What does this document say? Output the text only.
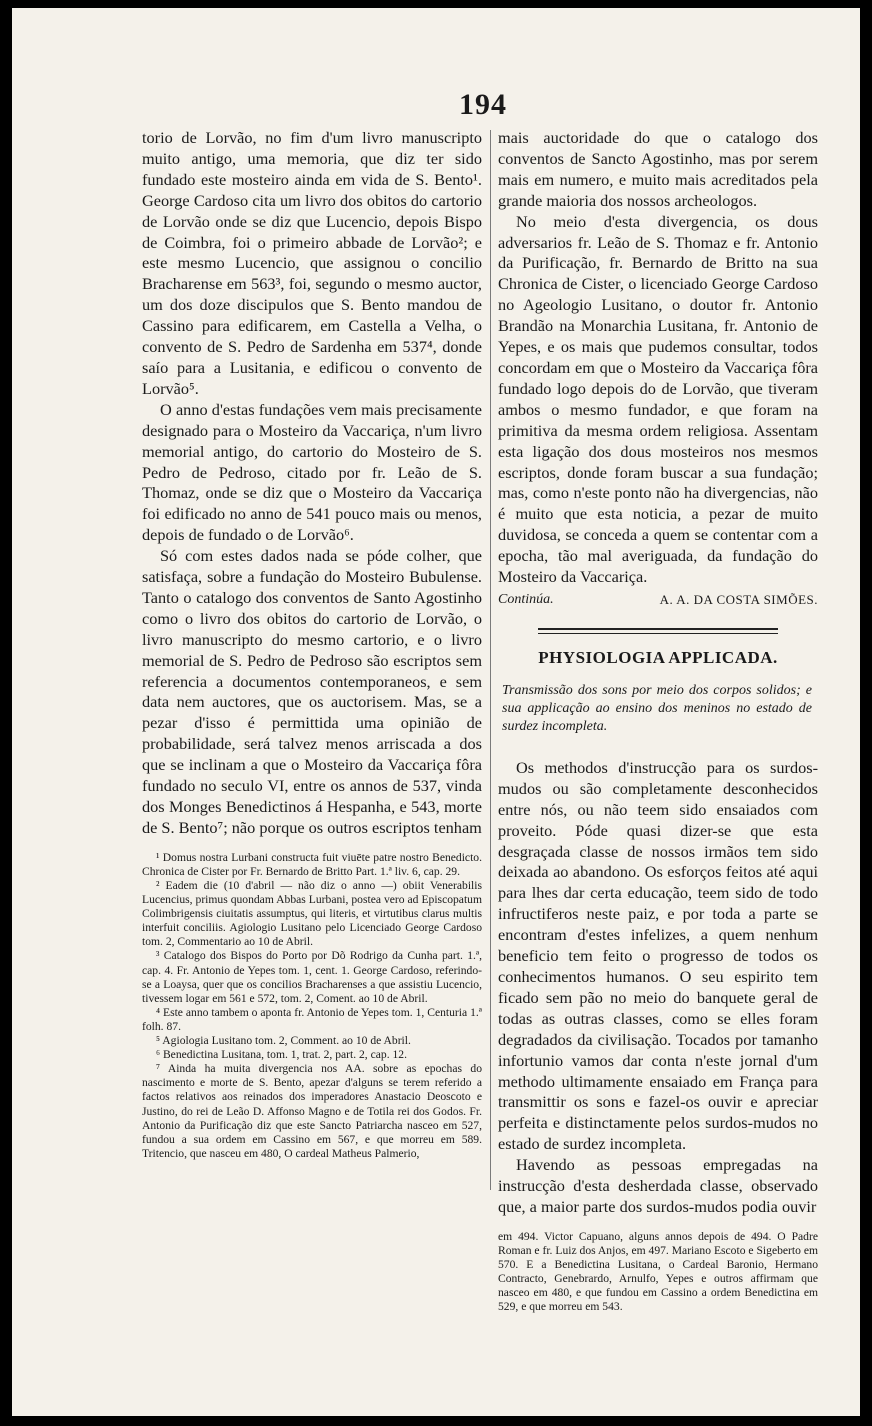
194

torio de Lorvão, no fim d'um livro manuscripto muito antigo, uma memoria, que diz ter sido fundado este mosteiro ainda em vida de S. Bento¹. George Cardoso cita um livro dos obitos do cartorio de Lorvão onde se diz que Lucencio, depois Bispo de Coimbra, foi o primeiro abbade de Lorvão²; e este mesmo Lucencio, que assignou o concilio Bracharense em 563³, foi, segundo o mesmo auctor, um dos doze discipulos que S. Bento mandou de Cassino para edificarem, em Castella a Velha, o convento de S. Pedro de Sardenha em 537⁴, donde saío para a Lusitania, e edificou o convento de Lorvão⁵.

O anno d'estas fundações vem mais precisamente designado para o Mosteiro da Vaccariça, n'um livro memorial antigo, do cartorio do Mosteiro de S. Pedro de Pedroso, citado por fr. Leão de S. Thomaz, onde se diz que o Mosteiro da Vaccariça foi edificado no anno de 541 pouco mais ou menos, depois de fundado o de Lorvão⁶.

Só com estes dados nada se póde colher, que satisfaça, sobre a fundação do Mosteiro Bubulense. Tanto o catalogo dos conventos de Santo Agostinho como o livro dos obitos do cartorio de Lorvão, o livro manuscripto do mesmo cartorio, e o livro memorial de S. Pedro de Pedroso são escriptos sem referencia a documentos contemporaneos, e sem data nem auctores, que os auctorisem. Mas, se a pezar d'isso é permittida uma opinião de probabilidade, será talvez menos arriscada a dos que se inclinam a que o Mosteiro da Vaccariça fôra fundado no seculo VI, entre os annos de 537, vinda dos Monges Benedictinos á Hespanha, e 543, morte de S. Bento⁷; não porque os outros escriptos tenham

¹ Domus nostra Lurbani constructa fuit viuēte patre nostro Benedicto. Chronica de Cister por Fr. Bernardo de Britto Part. 1.ª liv. 6, cap. 29.

² Eadem die (10 d'abril — não diz o anno —) obiit Venerabilis Lucencius, primus quondam Abbas Lurbani, postea vero ad Episcopatum Colimbrigensis ciuitatis assumptus, qui literis, et virtutibus clarus multis interfuit conciliis. Agiologio Lusitano pelo Licenciado George Cardoso tom. 2, Commentario ao 10 de Abril.

³ Catalogo dos Bispos do Porto por Dõ Rodrigo da Cunha part. 1.ª, cap. 4. Fr. Antonio de Yepes tom. 1, cent. 1. George Cardoso, referindo-se a Loaysa, quer que os concilios Bracharenses a que assistiu Lucencio, tivessem logar em 561 e 572, tom. 2, Coment. ao 10 de Abril.

⁴ Este anno tambem o aponta fr. Antonio de Yepes tom. 1, Centuria 1.ª folh. 87.

⁵ Agiologia Lusitano tom. 2, Comment. ao 10 de Abril.

⁶ Benedictina Lusitana, tom. 1, trat. 2, part. 2, cap. 12.

⁷ Ainda ha muita divergencia nos AA. sobre as epochas do nascimento e morte de S. Bento, apezar d'alguns se terem referido a factos relativos aos reinados dos imperadores Anastacio Deoscoto e Justino, do rei de Leão D. Affonso Magno e de Totila rei dos Godos. Fr. Antonio da Purificação diz que este Sancto Patriarcha nasceo em 527, fundou a sua ordem em Cassino em 567, e que morreu em 589. Tritencio, que nasceu em 480, O cardeal Matheus Palmerio,

mais auctoridade do que o catalogo dos conventos de Sancto Agostinho, mas por serem mais em numero, e muito mais acreditados pela grande maioria dos nossos archeologos.

No meio d'esta divergencia, os dous adversarios fr. Leão de S. Thomaz e fr. Antonio da Purificação, fr. Bernardo de Britto na sua Chronica de Cister, o licenciado George Cardoso no Ageologio Lusitano, o doutor fr. Antonio Brandão na Monarchia Lusitana, fr. Antonio de Yepes, e os mais que pudemos consultar, todos concordam em que o Mosteiro da Vaccariça fôra fundado logo depois do de Lorvão, que tiveram ambos o mesmo fundador, e que foram na primitiva da mesma ordem religiosa. Assentam esta ligação dos dous mosteiros nos mesmos escriptos, donde foram buscar a sua fundação; mas, como n'este ponto não ha divergencias, não é muito que esta noticia, a pezar de muito duvidosa, se conceda a quem se contentar com a epocha, tão mal averiguada, da fundação do Mosteiro da Vaccariça.

Continúa.	A. A. DA COSTA SIMÕES.
PHYSIOLOGIA APPLICADA.
Transmissão dos sons por meio dos corpos solidos; e sua applicação ao ensino dos meninos no estado de surdez incompleta.

Os methodos d'instrucção para os surdos-mudos ou são completamente desconhecidos entre nós, ou não teem sido ensaiados com proveito. Póde quasi dizer-se que esta desgraçada classe de nossos irmãos tem sido deixada ao abandono. Os esforços feitos até aqui para lhes dar certa educação, teem sido de todo infructiferos neste paiz, e por toda a parte se encontram d'estes infelizes, a quem nenhum beneficio tem feito o progresso de todos os conhecimentos humanos. O seu espirito tem ficado sem pão no meio do banquete geral de todas as outras classes, como se elles foram degradados da civilisação. Tocados por tamanho infortunio vamos dar conta n'este jornal d'um methodo ultimamente ensaiado em França para transmittir os sons e fazel-os ouvir e apreciar perfeita e distinctamente pelos surdos-mudos no estado de surdez incompleta.

Havendo as pessoas empregadas na instrucção d'esta desherdada classe, observado que, a maior parte dos surdos-mudos podia ouvir

em 494. Victor Capuano, alguns annos depois de 494. O Padre Roman e fr. Luiz dos Anjos, em 497. Mariano Escoto e Sigeberto em 570. E a Benedictina Lusitana, o Cardeal Baronio, Hermano Contracto, Genebrardo, Arnulfo, Yepes e outros affirmam que nasceo em 480, e que fundou em Cassino a ordem Benedictina em 529, e que morreu em 543.
